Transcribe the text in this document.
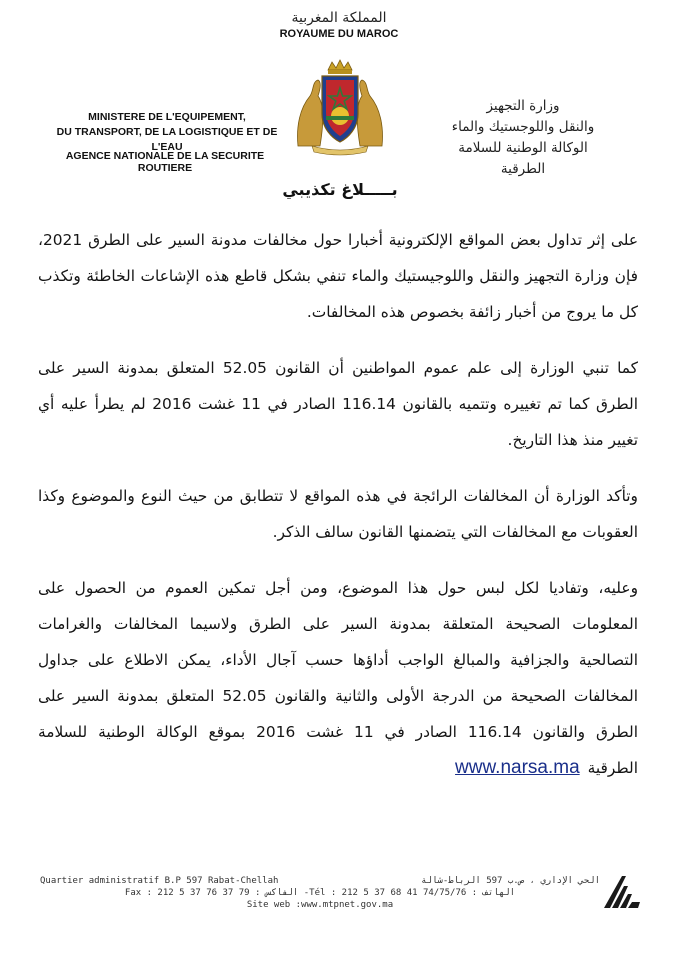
المملكة المغربية
ROYAUME DU MAROC
MINISTERE DE L'EQUIPEMENT,
DU TRANSPORT, DE LA LOGISTIQUE ET DE L'EAU
AGENCE NATIONALE DE LA SECURITE ROUTIERE
وزارة التجهيز
والنقل واللوجستيك والماء
الوكالة الوطنية للسلامة
الطرقية
بـــــلاغ تكذيبي

على إثر تداول بعض المواقع الإلكترونية أخبارا حول مخالفات مدونة السير على الطرق 2021، فإن وزارة التجهيز والنقل واللوجيستيك والماء تنفي بشكل قاطع هذه الإشاعات الخاطئة وتكذب كل ما يروج من أخبار زائفة بخصوص هذه المخالفات.

كما تنبي الوزارة إلى علم عموم المواطنين أن القانون 52.05 المتعلق بمدونة السير على الطرق كما تم تغييره وتتميه بالقانون 116.14 الصادر في 11 غشت 2016 لم يطرأ عليه أي تغيير منذ هذا التاريخ.

وتأكد الوزارة أن المخالفات الرائجة في هذه المواقع لا تتطابق من حيث النوع والموضوع وكذا العقوبات مع المخالفات التي يتضمنها القانون سالف الذكر.

وعليه، وتفاديا لكل لبس حول هذا الموضوع، ومن أجل تمكين العموم من الحصول على المعلومات الصحيحة المتعلقة بمدونة السير على الطرق ولاسيما المخالفات والغرامات التصالحية والجزافية والمبالغ الواجب أداؤها حسب آجال الأداء، يمكن الاطلاع على جداول المخالفات الصحيحة من الدرجة الأولى والثانية والقانون 52.05 المتعلق بمدونة السير على الطرق والقانون 116.14 الصادر في 11 غشت 2016 بموقع الوكالة الوطنية للسلامة الطرقيةwww.narsa.ma

Quartier administratif B.P 597 Rabat-Chellah	الحي الإداري ، ص.ب 597 الرباط-شالة
Fax : 212 5 37 76 37 79 : الفاكس -Tél : 212 5 37 68 41 74/75/76 : الهاتف
Site web :www.mtpnet.gov.ma
